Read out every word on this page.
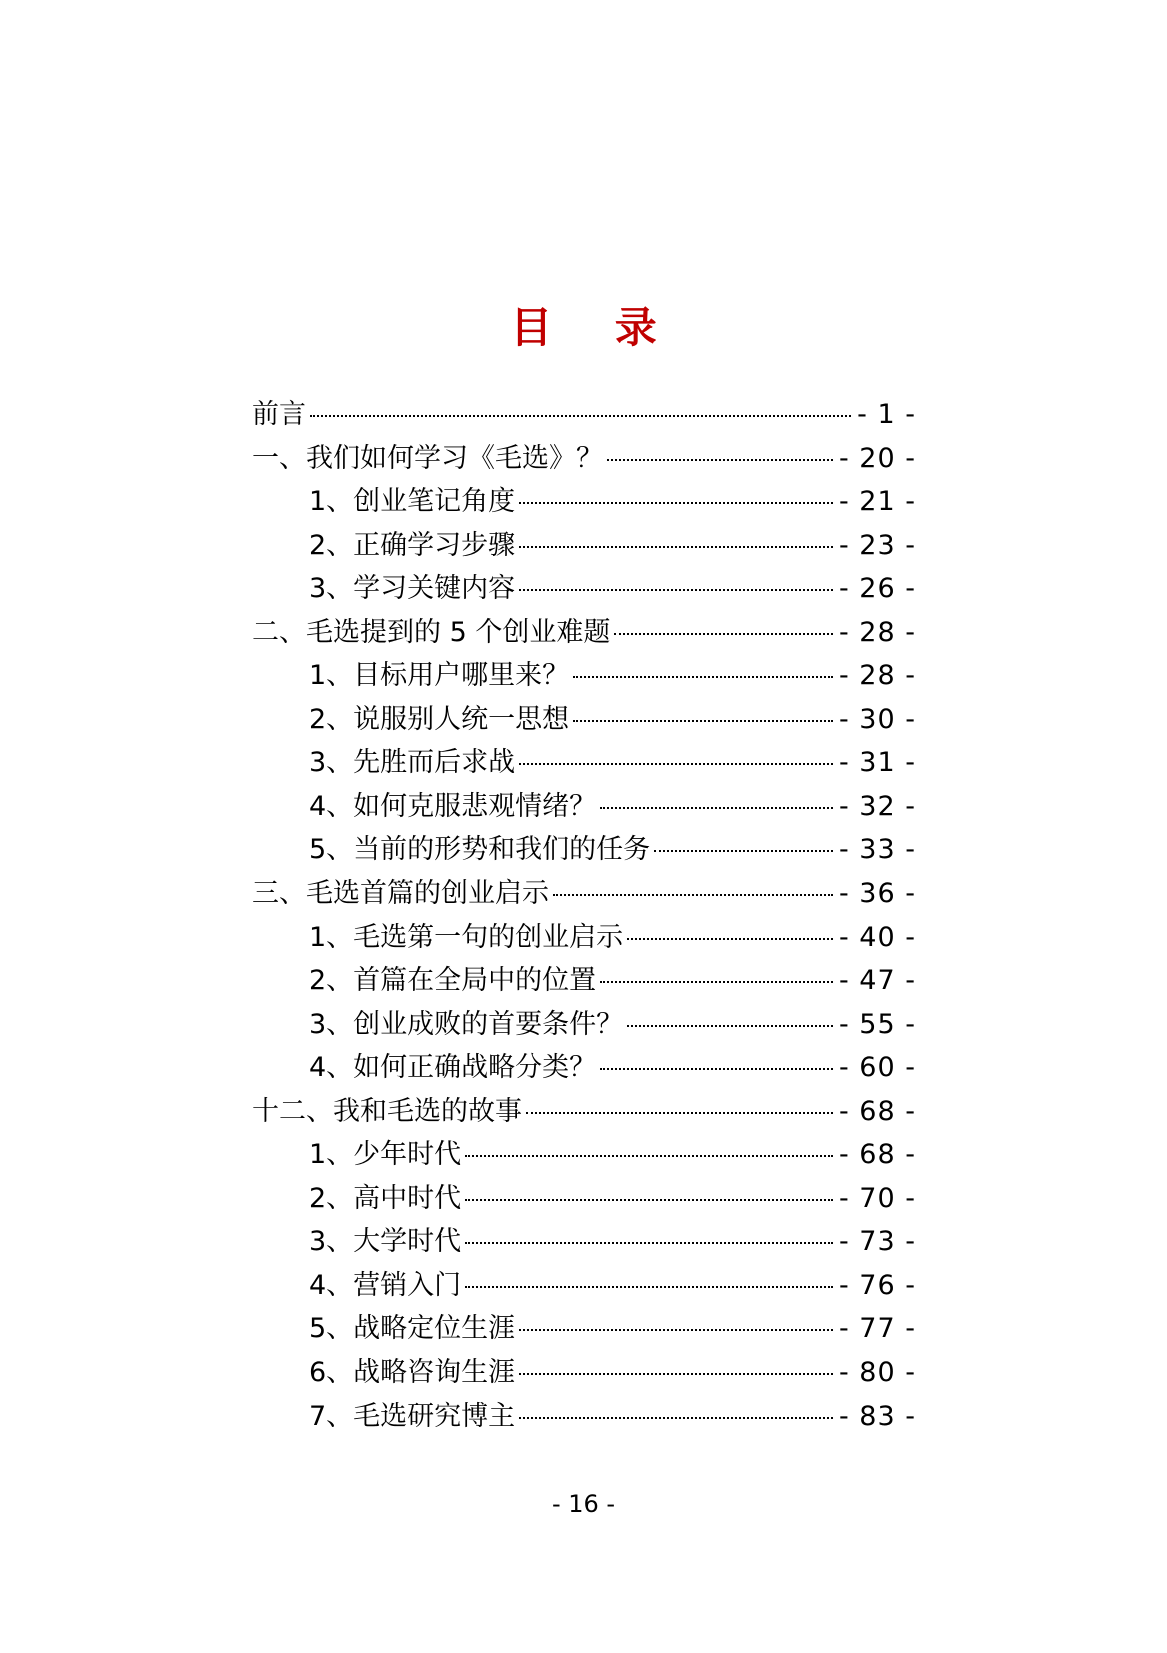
目 录
前言	- 1 -
一、我们如何学习《毛选》？	- 20 -
1、创业笔记角度	- 21 -
2、正确学习步骤	- 23 -
3、学习关键内容	- 26 -
二、毛选提到的 5 个创业难题	- 28 -
1、目标用户哪里来？	- 28 -
2、说服别人统一思想	- 30 -
3、先胜而后求战	- 31 -
4、如何克服悲观情绪？	- 32 -
5、当前的形势和我们的任务	- 33 -
三、毛选首篇的创业启示	- 36 -
1、毛选第一句的创业启示	- 40 -
2、首篇在全局中的位置	- 47 -
3、创业成败的首要条件？	- 55 -
4、如何正确战略分类？	- 60 -
十二、我和毛选的故事	- 68 -
1、少年时代	- 68 -
2、高中时代	- 70 -
3、大学时代	- 73 -
4、营销入门	- 76 -
5、战略定位生涯	- 77 -
6、战略咨询生涯	- 80 -
7、毛选研究博主	- 83 -
- 16 -
